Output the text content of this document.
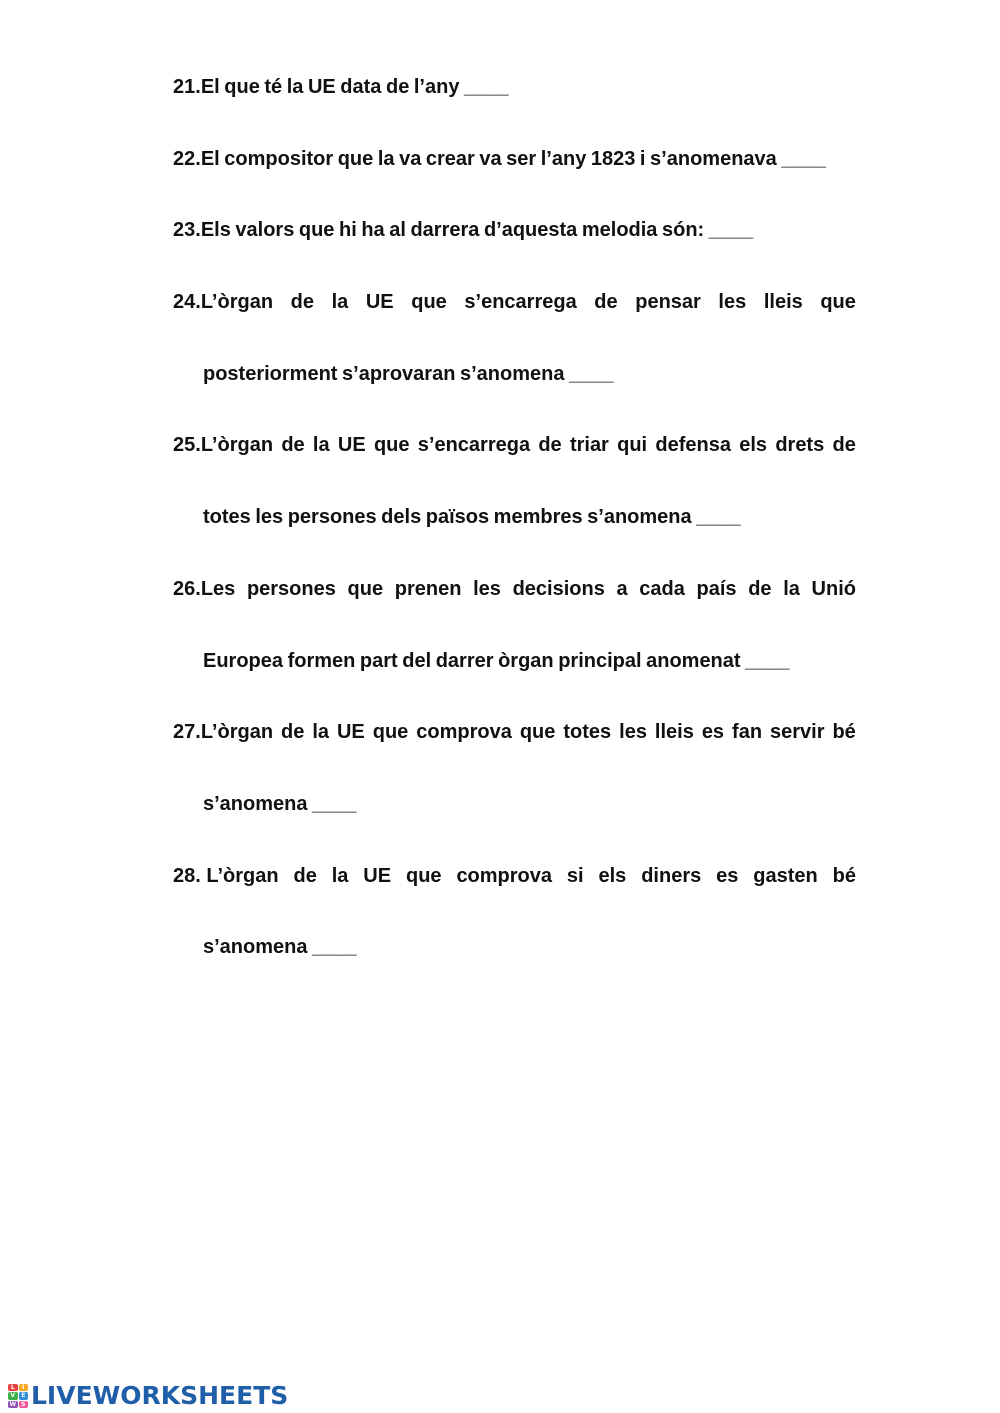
21.El que té la UE data de l’any ____
22.El compositor que la va crear va ser l’any 1823 i s’anomenava ____
23.Els valors que hi ha al darrera d’aquesta melodia són: ____
24.L’òrgan de la UE que s’encarrega de pensar les lleis que
posteriorment s’aprovaran s’anomena ____
25.L’òrgan de la UE que s’encarrega de triar qui defensa els drets de
totes les persones dels països membres s’anomena ____
26.Les persones que prenen les decisions a cada país de la Unió
Europea formen part del darrer òrgan principal anomenat ____
27.L’òrgan de la UE que comprova que totes les lleis es fan servir bé
s’anomena ____
28. L’òrgan de la UE que comprova si els diners es gasten bé
s’anomena ____
L	I
V	E
W S LIVEWORKSHEETS
